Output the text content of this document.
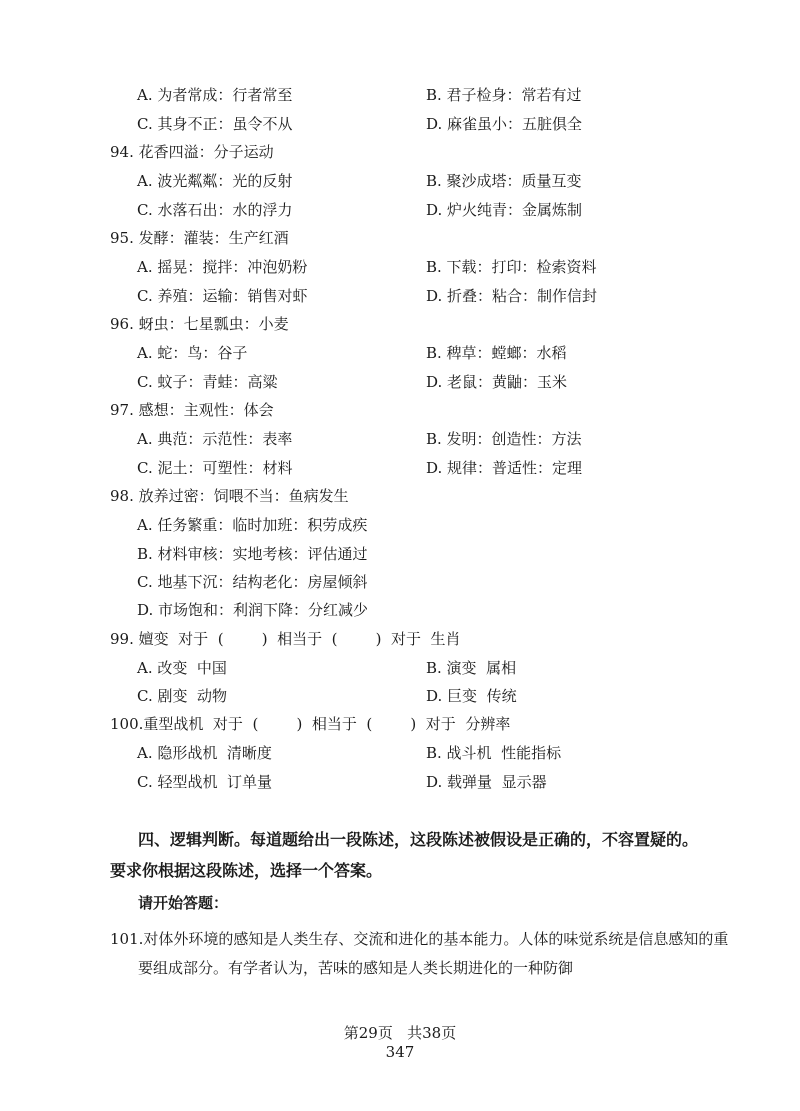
A. 为者常成：行者常至	B. 君子检身：常若有过
C. 其身不正：虽令不从	D. 麻雀虽小：五脏俱全
94. 花香四溢：分子运动
A. 波光粼粼：光的反射	B. 聚沙成塔：质量互变
C. 水落石出：水的浮力	D. 炉火纯青：金属炼制
95. 发酵：灌装：生产红酒
A. 摇晃：搅拌：冲泡奶粉	B. 下载：打印：检索资料
C. 养殖：运输：销售对虾	D. 折叠：粘合：制作信封
96. 蚜虫：七星瓢虫：小麦
A. 蛇：鸟：谷子	B. 稗草：螳螂：水稻
C. 蚊子：青蛙：高粱	D. 老鼠：黄鼬：玉米
97. 感想：主观性：体会
A. 典范：示范性：表率	B. 发明：创造性：方法
C. 泥土：可塑性：材料	D. 规律：普适性：定理
98. 放养过密：饲喂不当：鱼病发生
A. 任务繁重：临时加班：积劳成疾
B. 材料审核：实地考核：评估通过
C. 地基下沉：结构老化：房屋倾斜
D. 市场饱和：利润下降：分红减少
99. 嬗变  对于  (        )  相当于  (        )  对于  生肖
A. 改变  中国	B. 演变  属相
C. 剧变  动物	D. 巨变  传统
100.重型战机  对于  (        )  相当于  (        )  对于  分辨率
A. 隐形战机  清晰度	B. 战斗机  性能指标
C. 轻型战机  订单量	D. 载弹量  显示器
四、逻辑判断。每道题给出一段陈述，这段陈述被假设是正确的，不容置疑的。要求你根据这段陈述，选择一个答案。
请开始答题：
101.对体外环境的感知是人类生存、交流和进化的基本能力。人体的味觉系统是信息感知的重要组成部分。有学者认为，苦味的感知是人类长期进化的一种防御
第29页   共38页
347
